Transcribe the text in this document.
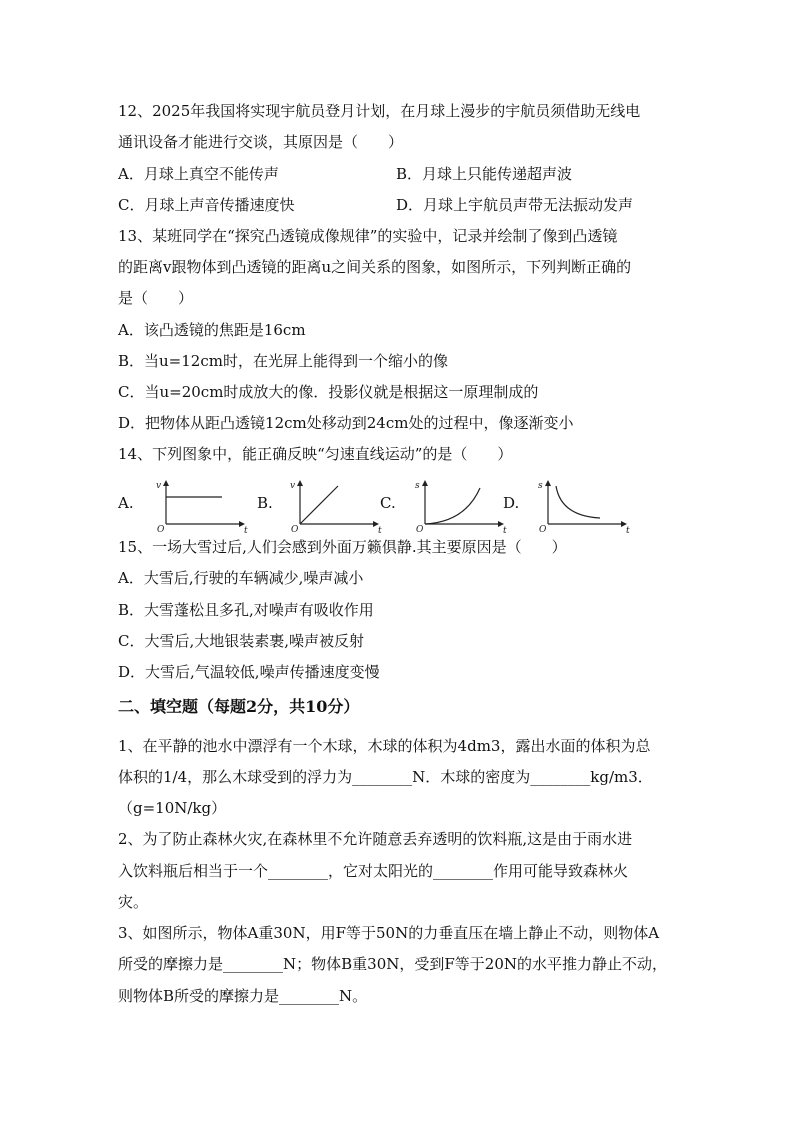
12、2025年我国将实现宇航员登月计划，在月球上漫步的宇航员须借助无线电
通讯设备才能进行交谈，其原因是（　　）
A．月球上真空不能传声	B．月球上只能传递超声波
C．月球上声音传播速度快	D．月球上宇航员声带无法振动发声
13、某班同学在“探究凸透镜成像规律”的实验中，记录并绘制了像到凸透镜
的距离v跟物体到凸透镜的距离u之间关系的图象，如图所示，下列判断正确的
是（　　）
A．该凸透镜的焦距是16cm
B．当u=12cm时，在光屏上能得到一个缩小的像
C．当u=20cm时成放大的像．投影仪就是根据这一原理制成的
D．把物体从距凸透镜12cm处移动到24cm处的过程中，像逐渐变小
14、下列图象中，能正确反映“匀速直线运动”的是（　　）
A.
O
v
t
B.
O
v
t
C.
O
s
t
D.
O
s
t
15、一场大雪过后,人们会感到外面万籁俱静.其主要原因是（　　）
A．大雪后,行驶的车辆减少,噪声减小
B．大雪蓬松且多孔,对噪声有吸收作用
C．大雪后,大地银装素裹,噪声被反射
D．大雪后,气温较低,噪声传播速度变慢
二、填空题（每题2分，共10分）
1、在平静的池水中漂浮有一个木球，木球的体积为4dm3，露出水面的体积为总
体积的1/4，那么木球受到的浮力为________N．木球的密度为________kg/m3．
（g=10N/kg）
2、为了防止森林火灾,在森林里不允许随意丢弃透明的饮料瓶,这是由于雨水进
入饮料瓶后相当于一个________，它对太阳光的________作用可能导致森林火
灾。
3、如图所示，物体A重30N，用F等于50N的力垂直压在墙上静止不动，则物体A
所受的摩擦力是________N；物体B重30N，受到F等于20N的水平推力静止不动，
则物体B所受的摩擦力是________N。
